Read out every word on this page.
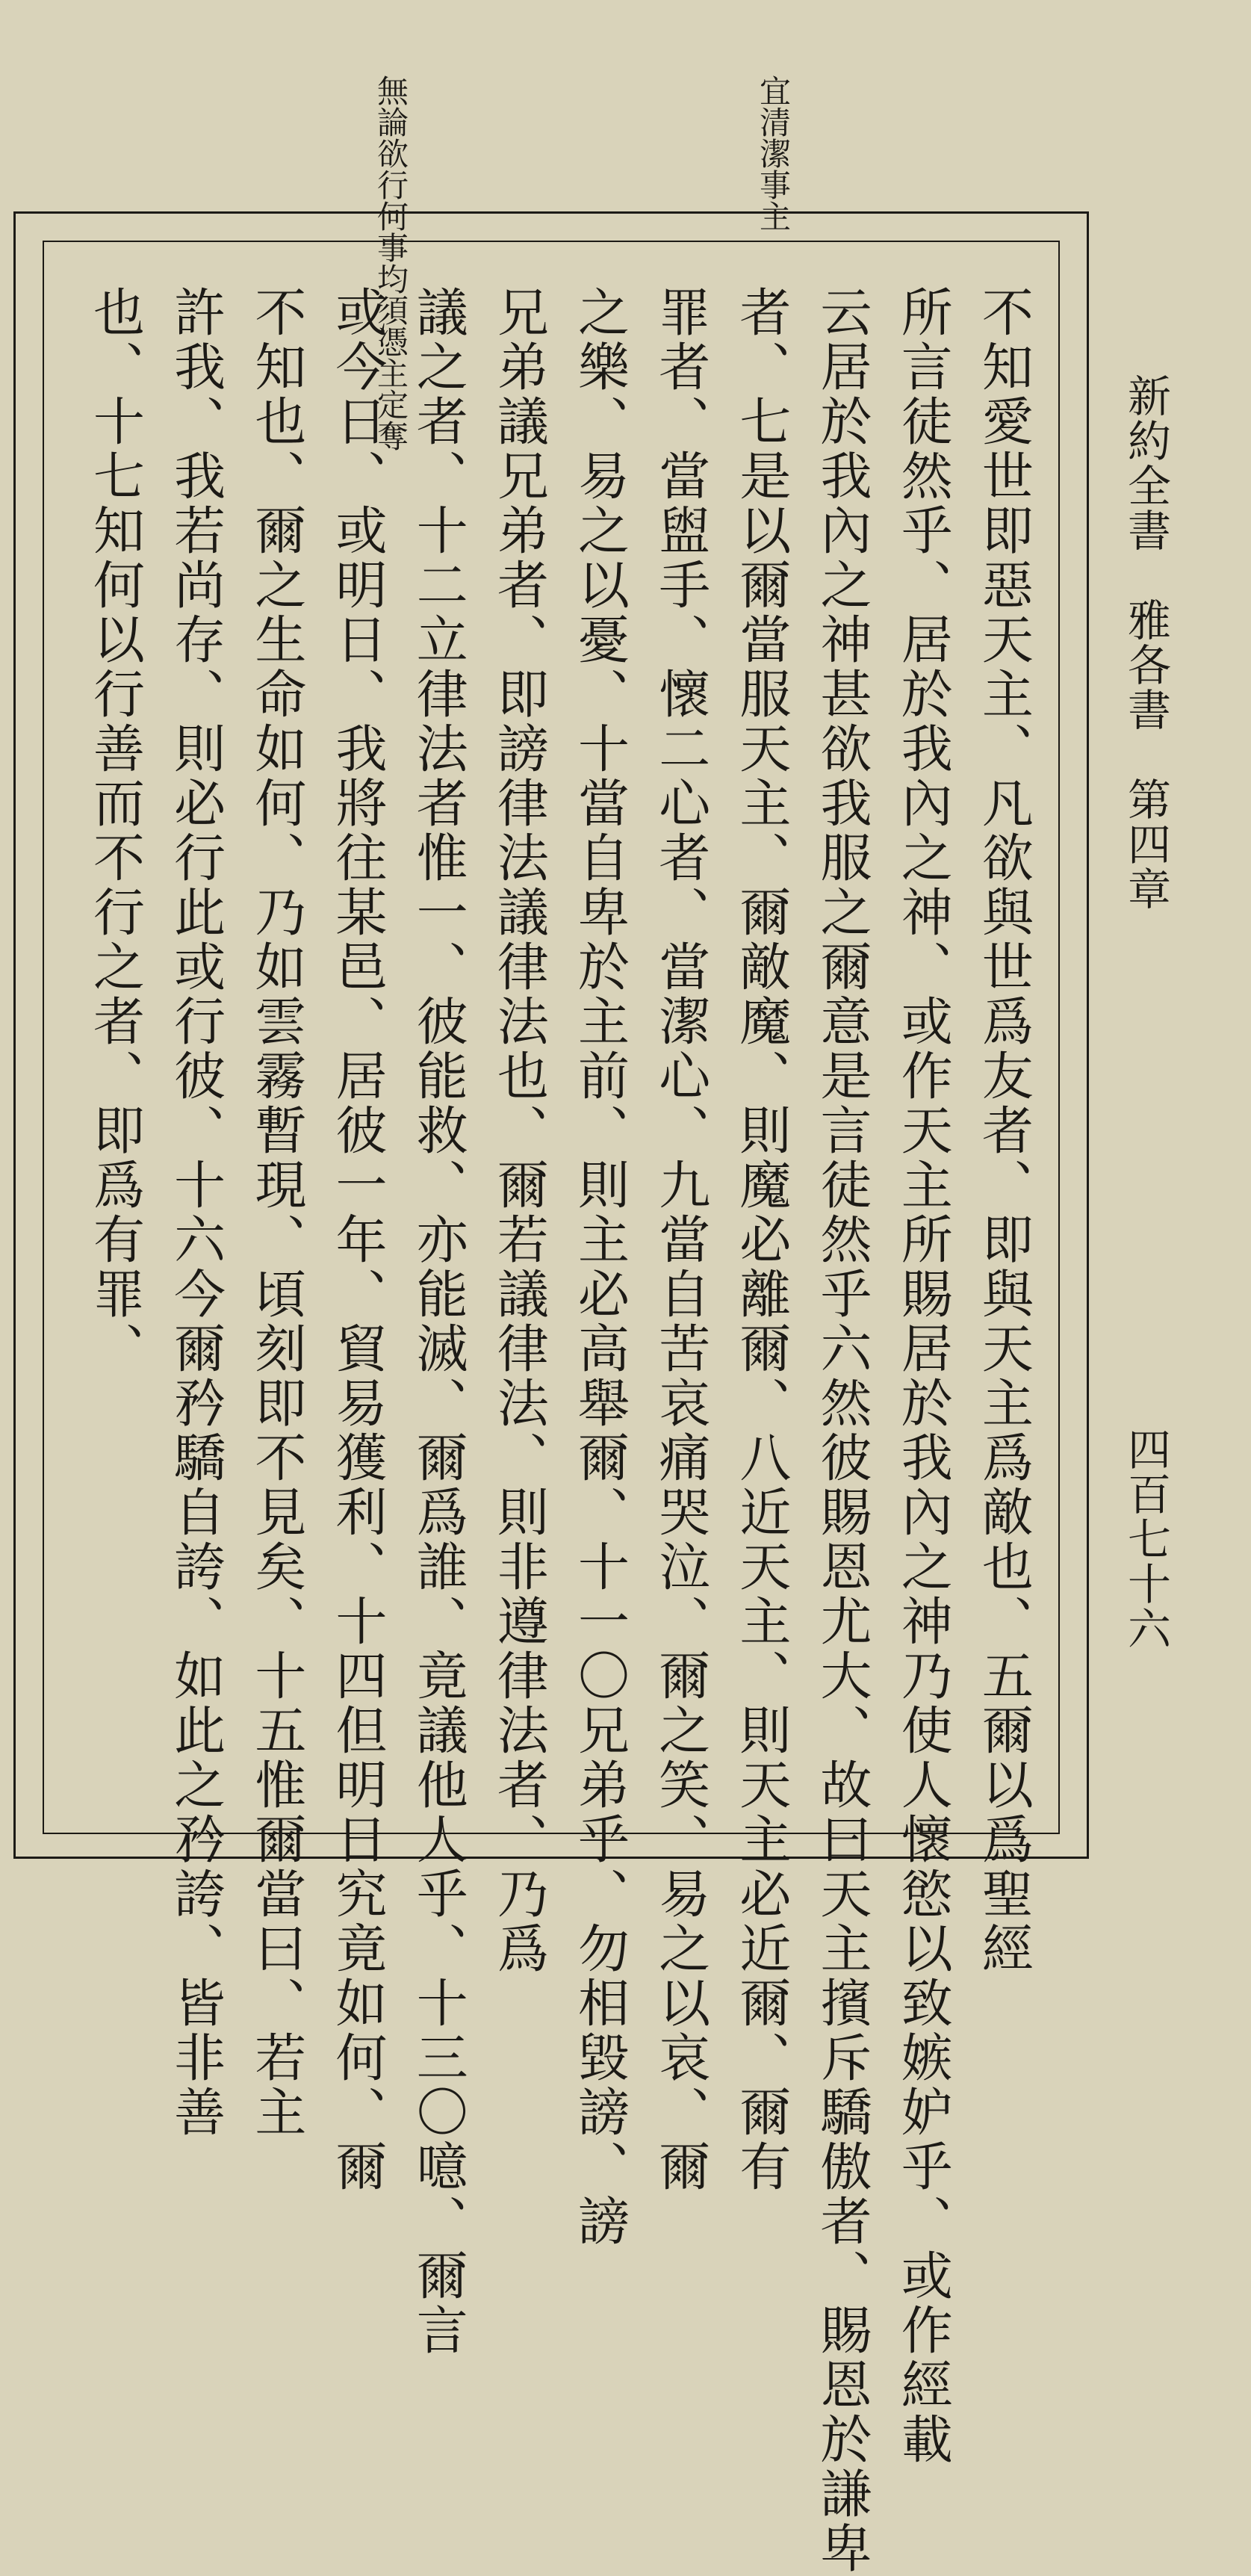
新約全書　雅各書　第四章
四百七十六
宜清潔事主
無論欲行何事均須憑主定奪
不知愛世即惡天主、凡欲與世爲友者、即與天主爲敵也、五爾以爲聖經
所言徒然乎、居於我內之神、或作天主所賜居於我內之神乃使人懷慾以致嫉妒乎、或作經載
云居於我內之神甚欲我服之爾意是言徒然乎六然彼賜恩尤大、故曰天主擯斥驕傲者、賜恩於謙卑
者、七是以爾當服天主、爾敵魔、則魔必離爾、八近天主、則天主必近爾、爾有
罪者、當盥手、懷二心者、當潔心、九當自苦哀痛哭泣、爾之笑、易之以哀、爾
之樂、易之以憂、十當自卑於主前、則主必高舉爾、十一〇兄弟乎、勿相毀謗、謗
兄弟議兄弟者、即謗律法議律法也、爾若議律法、則非遵律法者、乃爲
議之者、十二立律法者惟一、彼能救、亦能滅、爾爲誰、竟議他人乎、十三〇噫、爾言
或今日、或明日、我將往某邑、居彼一年、貿易獲利、十四但明日究竟如何、爾
不知也、爾之生命如何、乃如雲霧暫現、頃刻即不見矣、十五惟爾當曰、若主
許我、我若尚存、則必行此或行彼、十六今爾矜驕自誇、如此之矜誇、皆非善
也、十七知何以行善而不行之者、即爲有罪、
